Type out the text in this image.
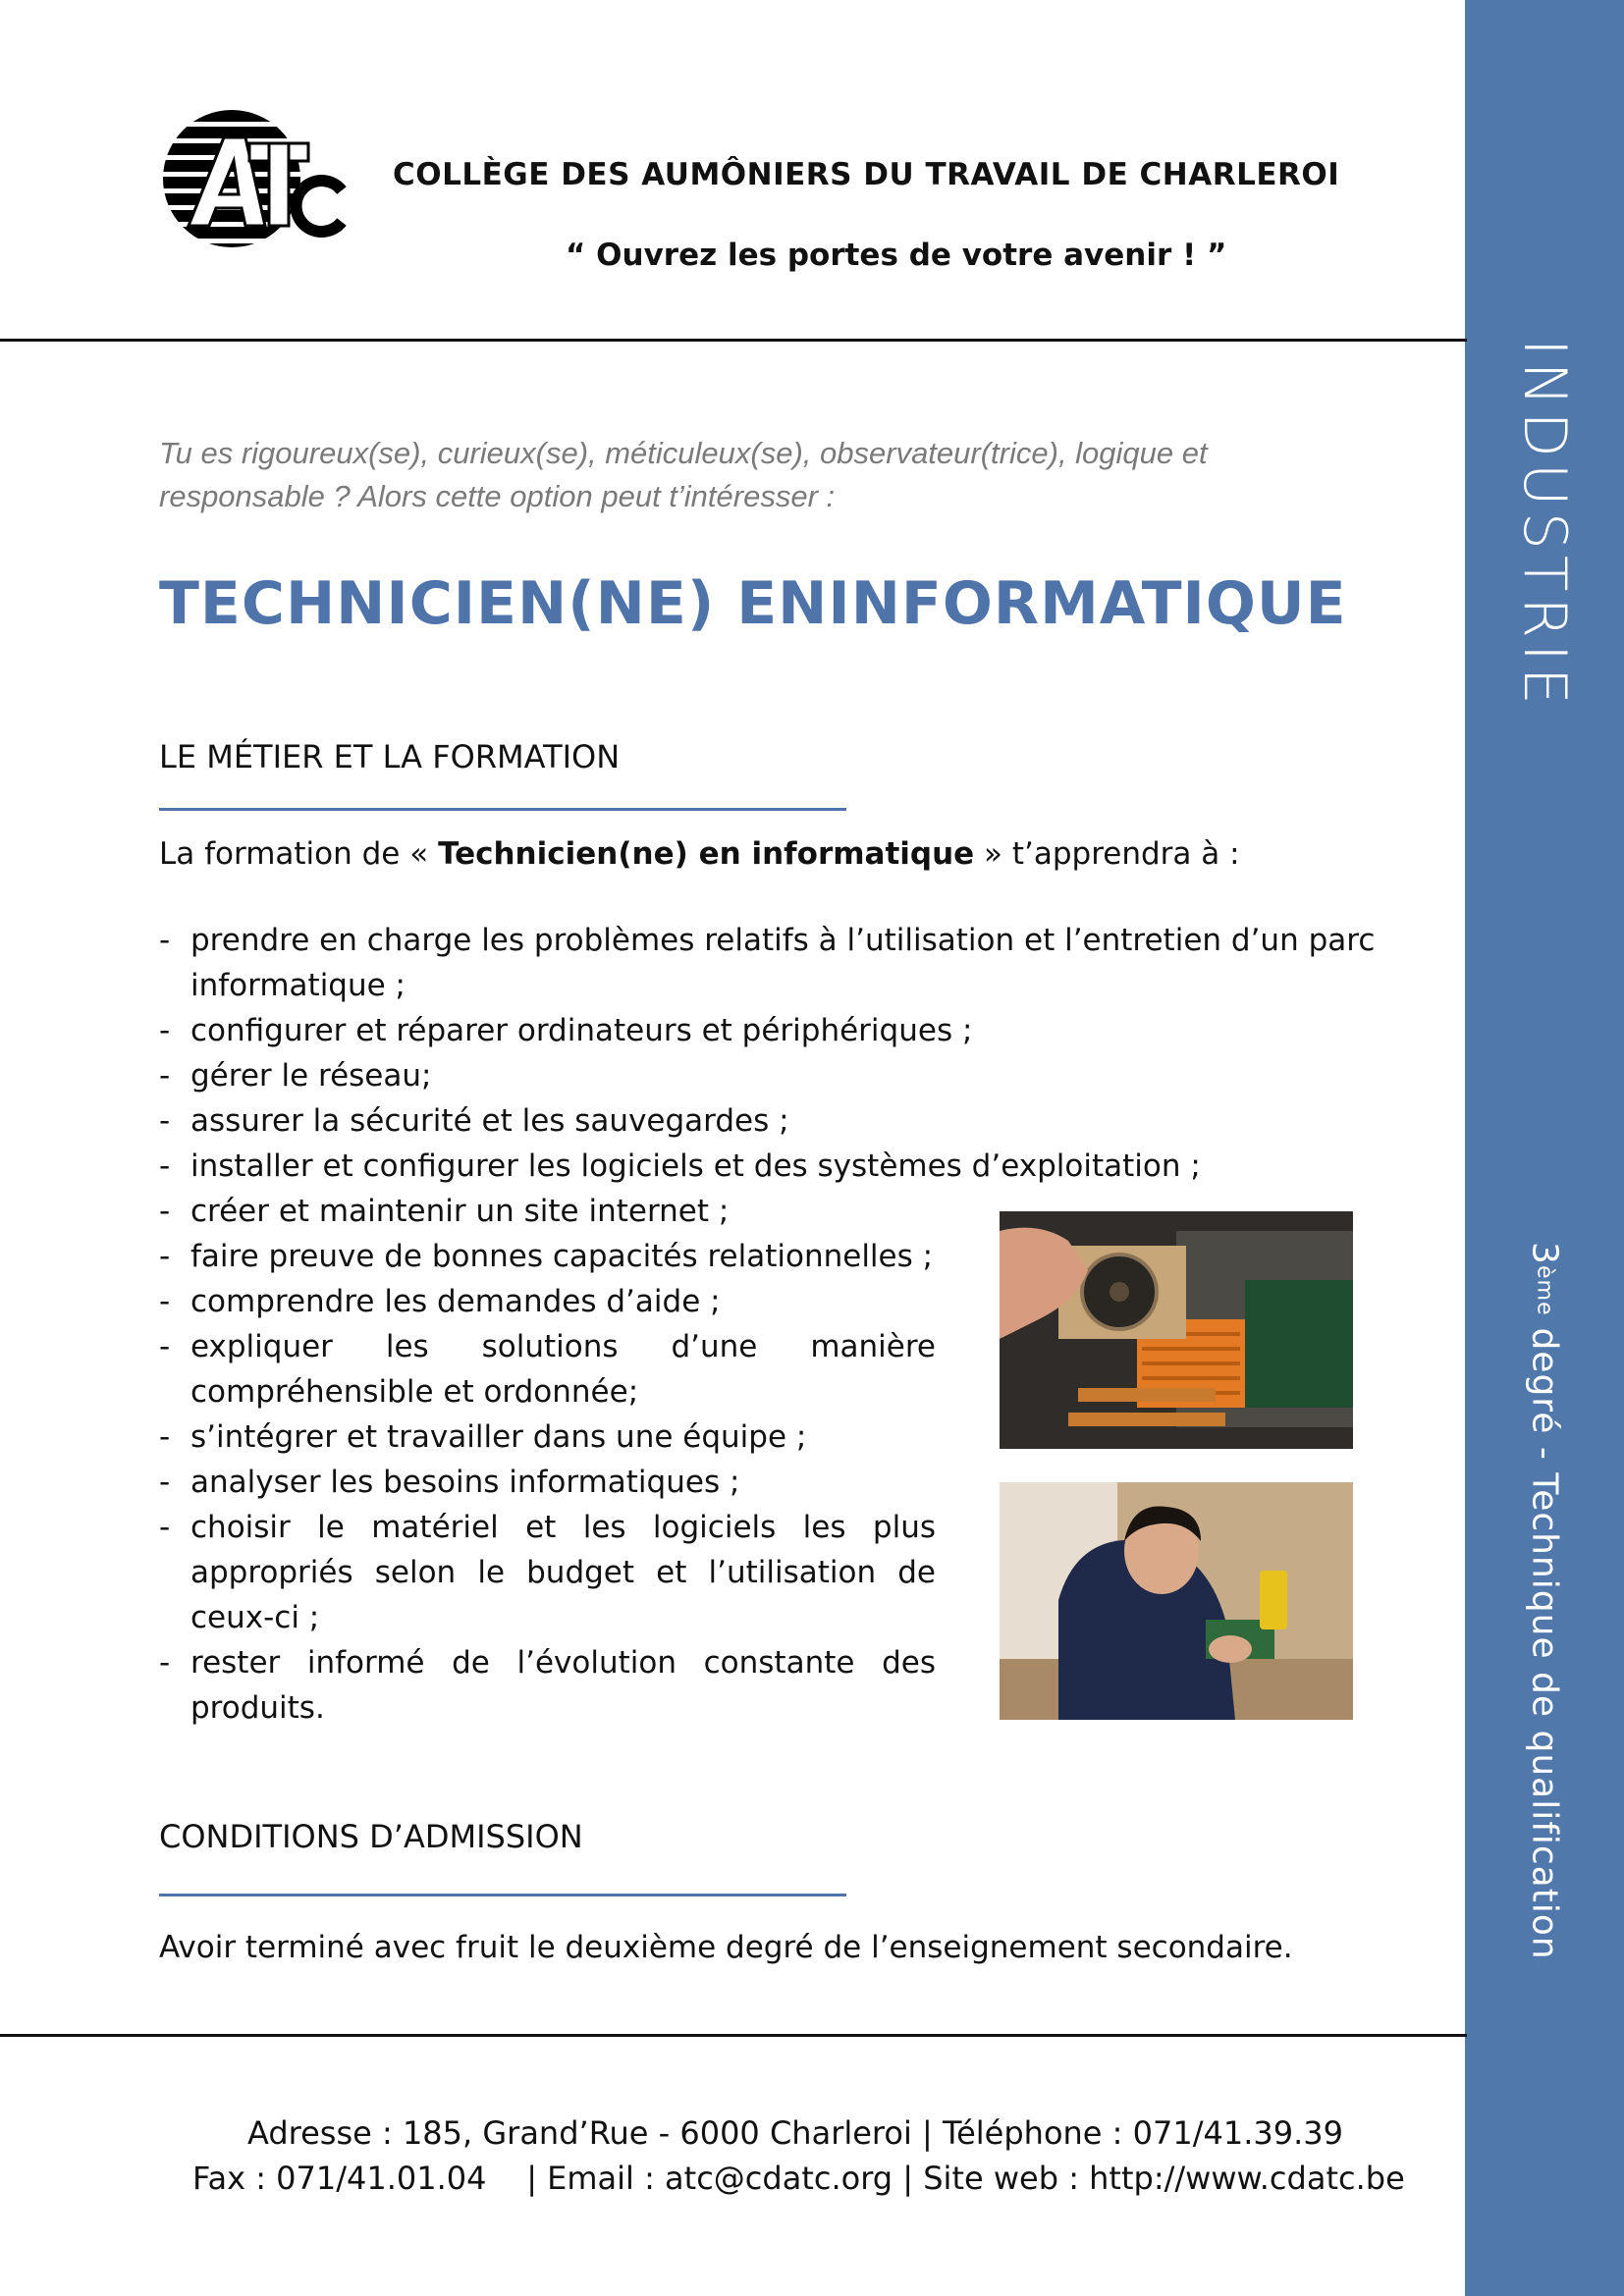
INDUSTRIE
3
ème
degré - Technique de qualification
COLLÈGE DES AUMÔNIERS DU TRAVAIL DE CHARLEROI
“ Ouvrez les portes de votre avenir ! ”
Tu es rigoureux(se), curieux(se), méticuleux(se), observateur(trice), logique et responsable ? Alors cette option peut t’intéresser :
TECHNICIEN(NE) ENINFORMATIQUE
LE MÉTIER ET LA FORMATION
La formation de « Technicien(ne) en informatique » t’apprendra à :
- prendre en charge les problèmes relatifs à l’utilisation et l’entretien d’un parc informatique ;
- configurer et réparer ordinateurs et périphériques ;
- gérer le réseau;
- assurer la sécurité et les sauvegardes ;
- installer et configurer les logiciels et des systèmes d’exploitation ;
- créer et maintenir un site internet ;
- faire preuve de bonnes capacités relationnelles ;
- comprendre les demandes d’aide ;
- expliquer les solutions d’une manière compréhensible et ordonnée;
- s’intégrer et travailler dans une équipe ;
- analyser les besoins informatiques ;
- choisir le matériel et les logiciels les plus appropriés selon le budget et l’utilisation de ceux-ci ;
- rester informé de l’évolution constante des produits.
CONDITIONS D’ADMISSION
Avoir terminé avec fruit le deuxième degré de l’enseignement secondaire.
Adresse : 185, Grand’Rue - 6000 Charleroi | Téléphone : 071/41.39.39
Fax : 071/41.01.04    | Email : atc@cdatc.org | Site web : http://www.cdatc.be
